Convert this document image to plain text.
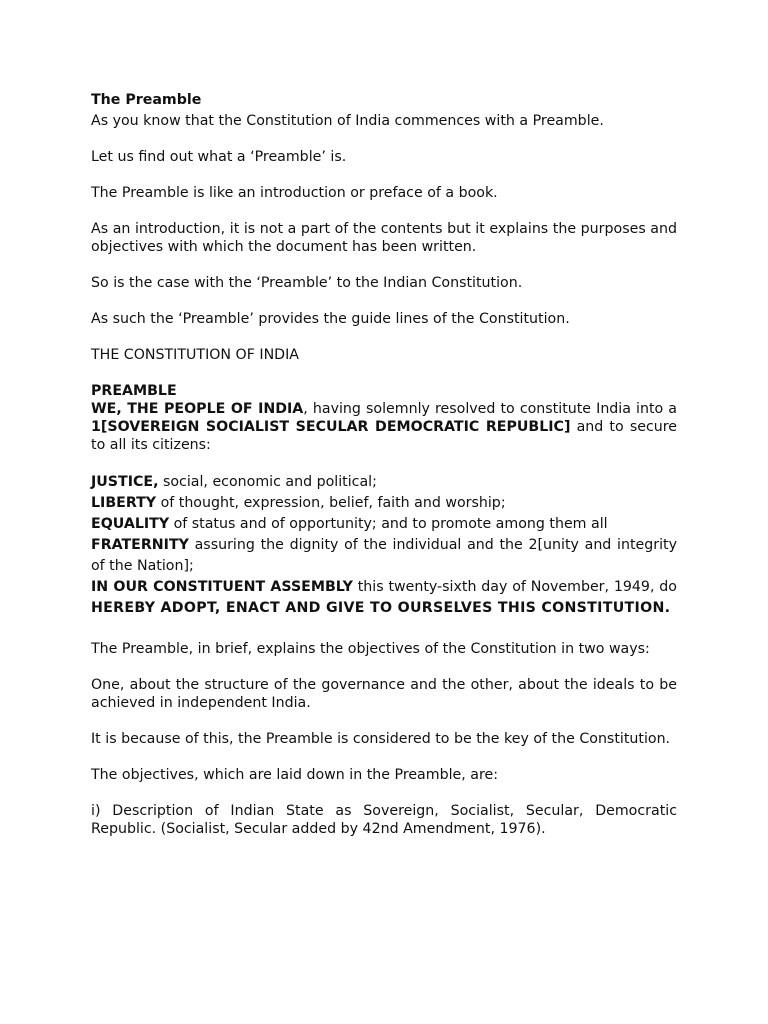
The Preamble

As you know that the Constitution of India commences with a Preamble.

Let us find out what a ‘Preamble’ is.

The Preamble is like an introduction or preface of a book.

As an introduction, it is not a part of the contents but it explains the purposes and objectives with which the document has been written.

So is the case with the ‘Preamble’ to the Indian Constitution.

As such the ‘Preamble’ provides the guide lines of the Constitution.

THE CONSTITUTION OF INDIA

PREAMBLE

WE, THE PEOPLE OF INDIA, having solemnly resolved to constitute India into a 1[SOVEREIGN SOCIALIST SECULAR DEMOCRATIC REPUBLIC] and to secure to all its citizens:

JUSTICE, social, economic and political;

LIBERTY of thought, expression, belief, faith and worship;

EQUALITY of status and of opportunity; and to promote among them all

FRATERNITY assuring the dignity of the individual and the 2[unity and integrity of the Nation];

IN OUR CONSTITUENT ASSEMBLY this twenty-sixth day of November, 1949, do HEREBY ADOPT, ENACT AND GIVE TO OURSELVES THIS CONSTITUTION.

The Preamble, in brief, explains the objectives of the Constitution in two ways:

One, about the structure of the governance and the other, about the ideals to be achieved in independent India.

It is because of this, the Preamble is considered to be the key of the Constitution.

The objectives, which are laid down in the Preamble, are:

i) Description of Indian State as Sovereign, Socialist, Secular, Democratic Republic. (Socialist, Secular added by 42nd Amendment, 1976).
